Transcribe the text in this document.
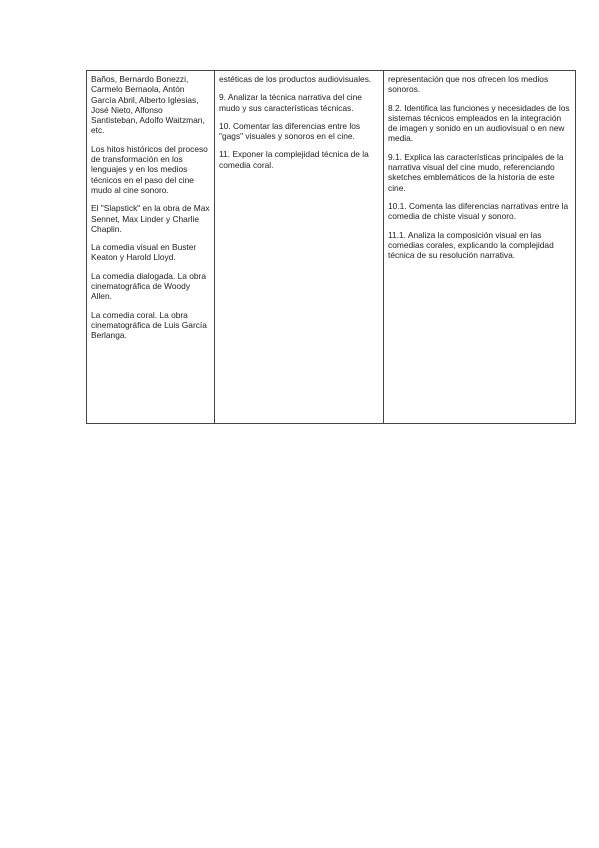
Baños, Bernardo Bonezzi, Carmelo Bernaola, Antón García Abril, Alberto Iglesias, José Nieto, Alfonso Santisteban, Adolfo Waitzman, etc.

Los hitos históricos del proceso de transformación en los lenguajes y en los medios técnicos en el paso del cine mudo al cine sonoro.

El "Slapstick" en la obra de Max Sennet, Max Linder y Charlie Chaplin.

La comedia visual en Buster Keaton y Harold Lloyd.

La comedia dialogada. La obra cinematográfica de Woody Allen.

La comedia coral. La obra cinematográfica de Luis García Berlanga.

estéticas de los productos audiovisuales.

9. Analizar la técnica narrativa del cine mudo y sus características técnicas.

10. Comentar las diferencias entre los "gags" visuales y sonoros en el cine.

11. Exponer la complejidad técnica de la comedia coral.

representación que nos ofrecen los medios sonoros.

8.2. Identifica las funciones y necesidades de los sistemas técnicos empleados en la integración de imagen y sonido en un audiovisual o en new media.

9.1. Explica las características principales de la narrativa visual del cine mudo, referenciando sketches emblemáticos de la historia de este cine.

10.1. Comenta las diferencias narrativas entre la comedia de chiste visual y sonoro.

11.1. Analiza la composición visual en las comedias corales, explicando la complejidad técnica de su resolución narrativa.
